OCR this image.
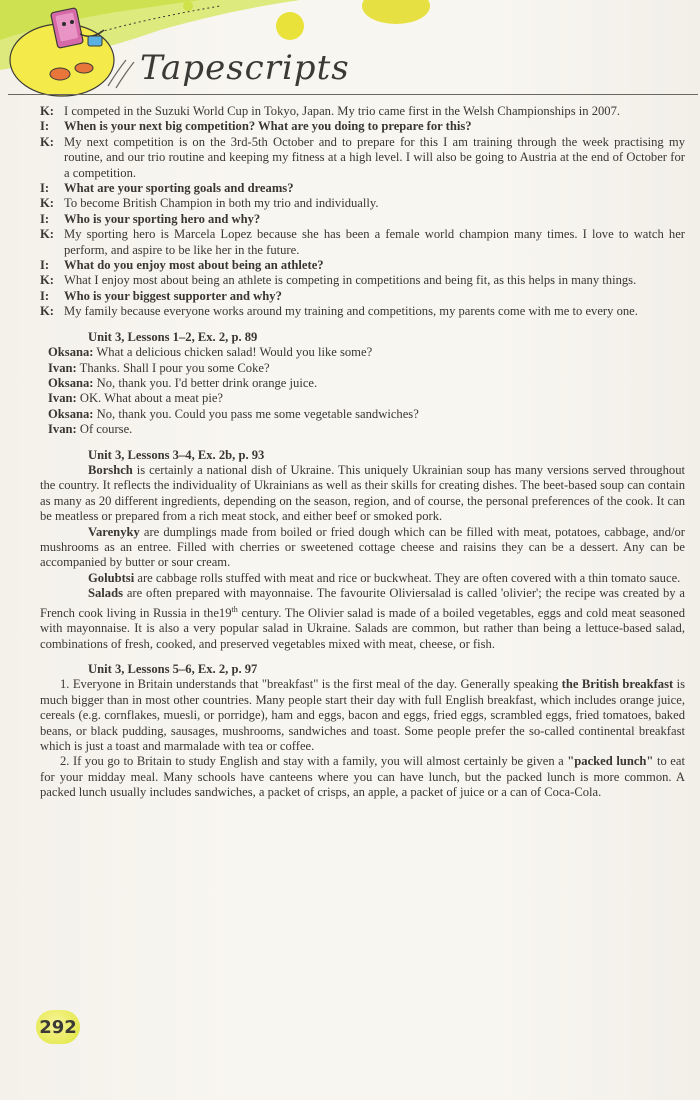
Tapescripts
K: I competed in the Suzuki World Cup in Tokyo, Japan. My trio came first in the Welsh Championships in 2007.

I:	When is your next big competition? What are you doing to prepare for this?

K: My next competition is on the 3rd-5th October and to prepare for this I am training through the week practising my routine, and our trio routine and keeping my fitness at a high level. I will also be going to Austria at the end of October for a competition.

I:	What are your sporting goals and dreams?

K: To become British Champion in both my trio and individually.

I:	Who is your sporting hero and why?

K: My sporting hero is Marcela Lopez because she has been a female world champion many times. I love to watch her perform, and aspire to be like her in the future.

I:	What do you enjoy most about being an athlete?

K: What I enjoy most about being an athlete is competing in competitions and being fit, as this helps in many things.

I:	Who is your biggest supporter and why?

K: My family because everyone works around my training and competitions, my parents come with me to every one.

Unit 3, Lessons 1–2, Ex. 2, p. 89
Oksana: What a delicious chicken salad! Would you like some?
Ivan: Thanks. Shall I pour you some Coke?
Oksana: No, thank you. I'd better drink orange juice.
Ivan: OK. What about a meat pie?
Oksana: No, thank you. Could you pass me some vegetable sandwiches?
Ivan: Of course.
Unit 3, Lessons 3–4, Ex. 2b, p. 93

Borshch is certainly a national dish of Ukraine. This uniquely Ukrainian soup has many versions served throughout the country. It reflects the individuality of Ukrainians as well as their skills for creating dishes. The beet-based soup can contain as many as 20 different ingredients, depending on the season, region, and of course, the personal preferences of the cook. It can be meatless or prepared from a rich meat stock, and either beef or smoked pork.

Varenyky are dumplings made from boiled or fried dough which can be filled with meat, potatoes, cabbage, and/or mushrooms as an entree. Filled with cherries or sweetened cottage cheese and raisins they can be a dessert. Any can be accompanied by butter or sour cream.

Golubtsi are cabbage rolls stuffed with meat and rice or buckwheat. They are often covered with a thin tomato sauce.

Salads are often prepared with mayonnaise. The favourite Oliviersalad is called 'olivier'; the recipe was created by a French cook living in Russia in the19th century. The Olivier salad is made of a boiled vegetables, eggs and cold meat seasoned with mayonnaise. It is also a very popular salad in Ukraine. Salads are common, but rather than being a lettuce-based salad, combinations of fresh, cooked, and preserved vegetables mixed with meat, cheese, or fish.

Unit 3, Lessons 5–6, Ex. 2, p. 97

1. Everyone in Britain understands that "breakfast" is the first meal of the day. Generally speaking the British breakfast is much bigger than in most other countries. Many people start their day with full English breakfast, which includes orange juice, cereals (e.g. cornflakes, muesli, or porridge), ham and eggs, bacon and eggs, fried eggs, scrambled eggs, fried tomatoes, baked beans, or black pudding, sausages, mushrooms, sandwiches and toast. Some people prefer the so-called continental breakfast which is just a toast and marmalade with tea or coffee.

2. If you go to Britain to study English and stay with a family, you will almost certainly be given a "packed lunch" to eat for your midday meal. Many schools have canteens where you can have lunch, but the packed lunch is more common. A packed lunch usually includes sandwiches, a packet of crisps, an apple, a packet of juice or a can of Coca-Cola.

292
